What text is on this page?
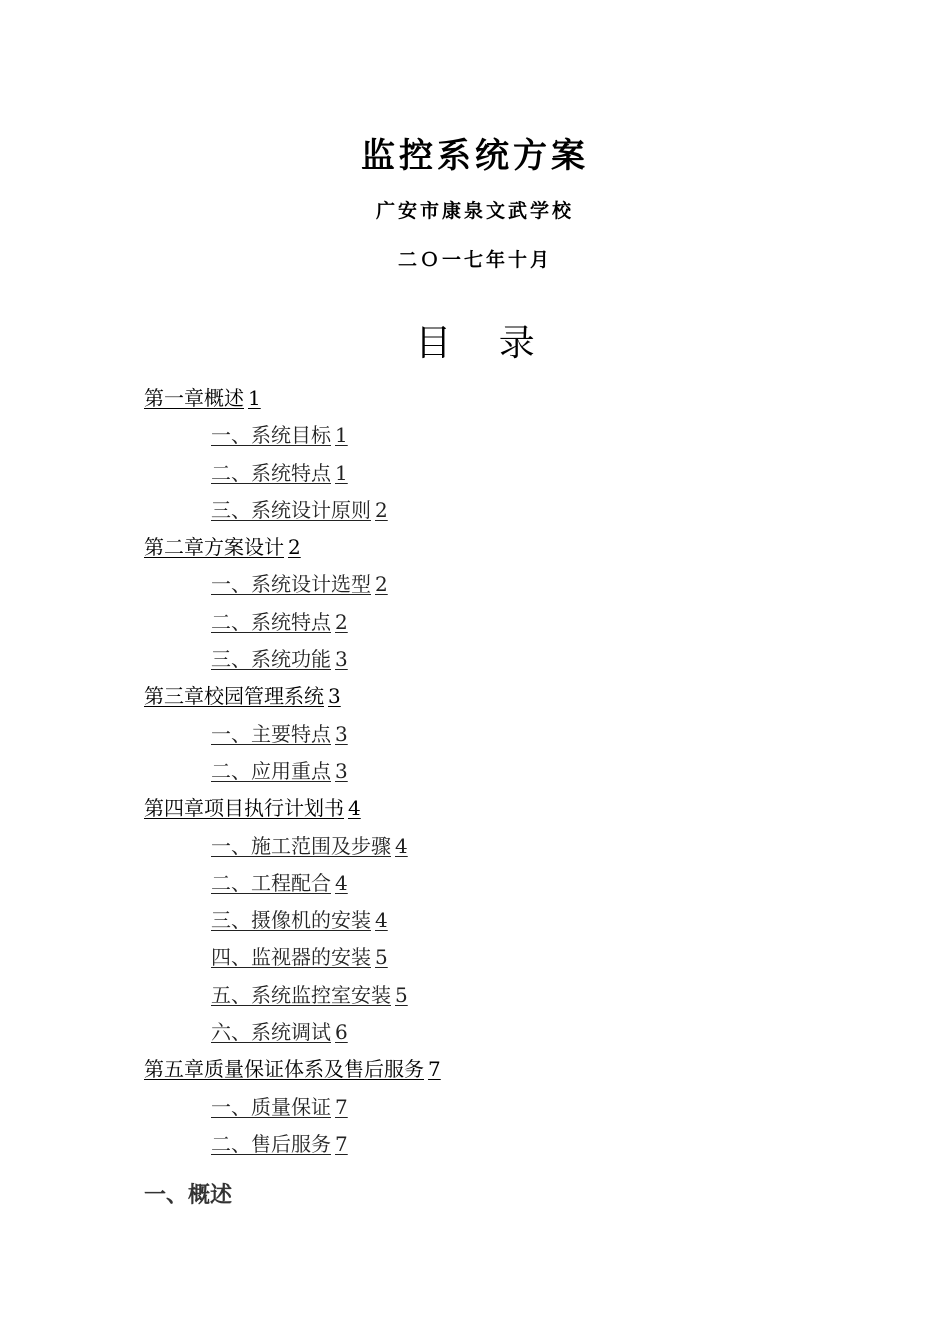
监控系统方案
广安市康泉文武学校
二Ｏ一七年十月
目 录
第一章概述 1
一、系统目标 1
二、系统特点 1
三、系统设计原则 2
第二章方案设计 2
一、系统设计选型 2
二、系统特点 2
三、系统功能 3
第三章校园管理系统 3
一、主要特点 3
二、应用重点 3
第四章项目执行计划书 4
一、施工范围及步骤 4
二、工程配合 4
三、摄像机的安装 4
四、监视器的安装 5
五、系统监控室安装 5
六、系统调试 6
第五章质量保证体系及售后服务 7
一、质量保证 7
二、售后服务 7
一、概述
